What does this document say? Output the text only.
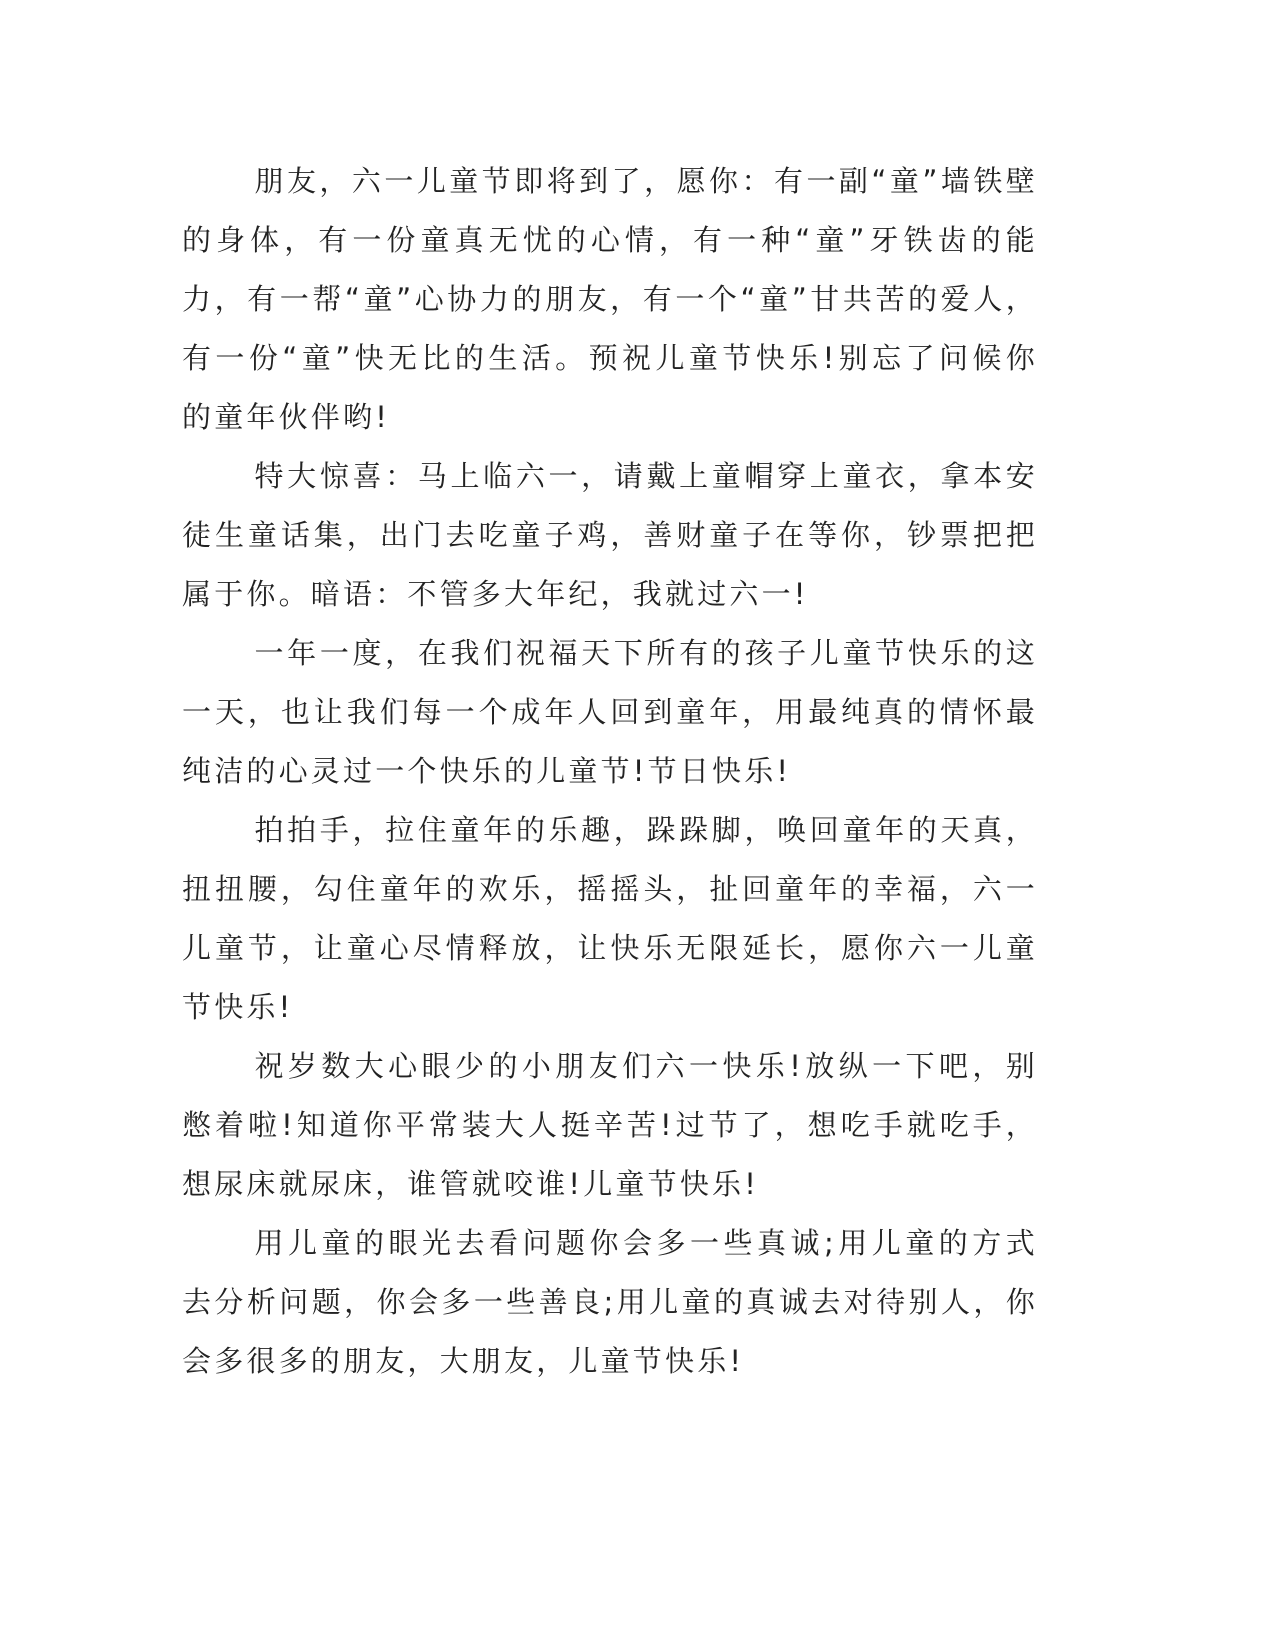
朋友，六一儿童节即将到了，愿你：有一副“童”墙铁壁的身体，有一份童真无忧的心情，有一种“童”牙铁齿的能力，有一帮“童”心协力的朋友，有一个“童”甘共苦的爱人，有一份“童”快无比的生活。预祝儿童节快乐!别忘了问候你的童年伙伴哟!

特大惊喜：马上临六一，请戴上童帽穿上童衣，拿本安徒生童话集，出门去吃童子鸡，善财童子在等你，钞票把把属于你。暗语：不管多大年纪，我就过六一!

一年一度，在我们祝福天下所有的孩子儿童节快乐的这一天，也让我们每一个成年人回到童年，用最纯真的情怀最纯洁的心灵过一个快乐的儿童节!节日快乐!

拍拍手，拉住童年的乐趣，跺跺脚，唤回童年的天真，扭扭腰，勾住童年的欢乐，摇摇头，扯回童年的幸福，六一儿童节，让童心尽情释放，让快乐无限延长，愿你六一儿童节快乐!

祝岁数大心眼少的小朋友们六一快乐!放纵一下吧，别憋着啦!知道你平常装大人挺辛苦!过节了，想吃手就吃手，想尿床就尿床，谁管就咬谁!儿童节快乐!

用儿童的眼光去看问题你会多一些真诚;用儿童的方式去分析问题，你会多一些善良;用儿童的真诚去对待别人，你会多很多的朋友，大朋友，儿童节快乐!
